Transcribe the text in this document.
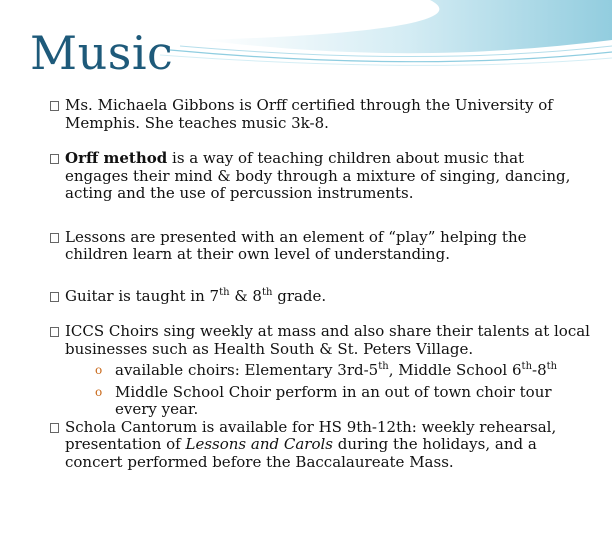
Music
Ms. Michaela Gibbons is Orff certified through the University of Memphis. She teaches music 3k-8.
Orff method is a way of teaching children about music that engages their mind & body through a mixture of singing, dancing, acting and the use of percussion instruments.
Lessons are presented with an element of “play” helping the children learn at their own level of understanding.
Guitar is taught in 7th & 8th grade.
ICCS Choirs sing weekly at mass and also share their talents at local businesses such as Health South & St. Peters Village.
o available choirs: Elementary 3rd-5th, Middle School 6th-8th
o Middle School Choir perform in an out of town choir tour every year.
Schola Cantorum is available for HS 9th-12th: weekly rehearsal, presentation of Lessons and Carols during the holidays, and a concert performed before the Baccalaureate Mass.
